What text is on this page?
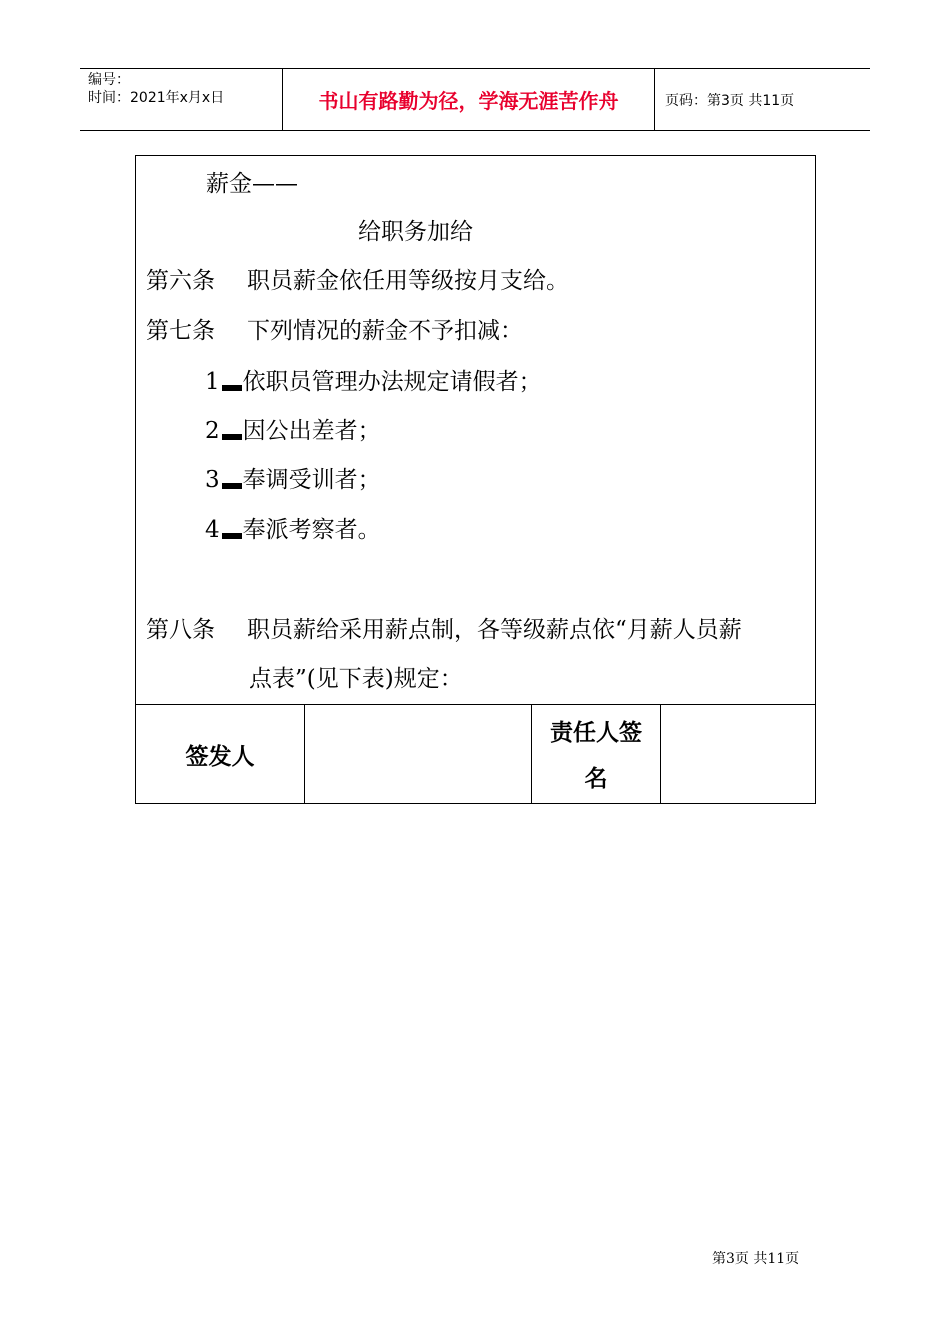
编号：
时间：2021年x月x日	书山有路勤为径，学海无涯苦作舟	页码：第3页 共11页
薪金——
给职务加给
第六条 职员薪金依任用等级按月支给。
第七条 下列情况的薪金不予扣减：
1 依职员管理办法规定请假者；
2 因公出差者；
3 奉调受训者；
4 奉派考察者。
第八条 职员薪给采用薪点制，各等级薪点依“月薪人员薪
点表”(见下表)规定：
签发人
责任人签
名
第3页 共11页
